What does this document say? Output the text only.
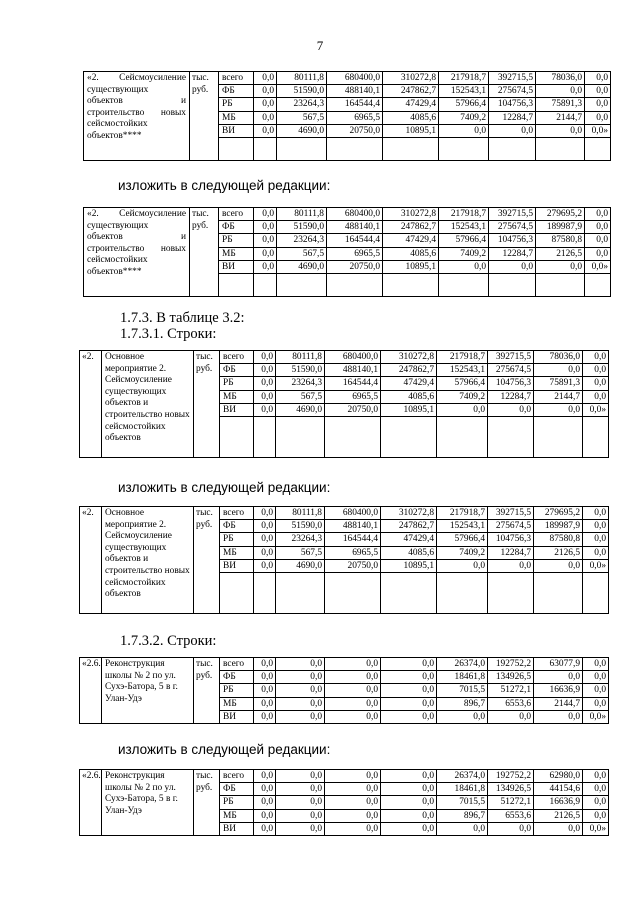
7
«2. Сейсмоусиление существующих объектов и строительство новых сейсмостойких объектов****	тыс. руб.	всего	0,0	80111,8	680400,0	310272,8	217918,7	392715,5	78036,0	0,0
		ФБ	0,0	51590,0	488140,1	247862,7	152543,1	275674,5	0,0	0,0
		РБ	0,0	23264,3	164544,4	47429,4	57966,4	104756,3	75891,3	0,0
		МБ	0,0	567,5	6965,5	4085,6	7409,2	12284,7	2144,7	0,0
		ВИ	0,0	4690,0	20750,0	10895,1	0,0	0,0	0,0	0,0»

изложить в следующей редакции:
«2. Сейсмоусиление существующих объектов и строительство новых сейсмостойких объектов****	тыс. руб.	всего	0,0	80111,8	680400,0	310272,8	217918,7	392715,5	279695,2	0,0
		ФБ	0,0	51590,0	488140,1	247862,7	152543,1	275674,5	189987,9	0,0
		РБ	0,0	23264,3	164544,4	47429,4	57966,4	104756,3	87580,8	0,0
		МБ	0,0	567,5	6965,5	4085,6	7409,2	12284,7	2126,5	0,0
		ВИ	0,0	4690,0	20750,0	10895,1	0,0	0,0	0,0	0,0»

1.7.3. В таблице 3.2:
1.7.3.1. Строки:
«2.	Основное мероприятие 2. Сейсмоусиление существующих объектов и строительство новых сейсмостойких объектов	тыс. руб.	всего	0,0	80111,8	680400,0	310272,8	217918,7	392715,5	78036,0	0,0
			ФБ	0,0	51590,0	488140,1	247862,7	152543,1	275674,5	0,0	0,0
			РБ	0,0	23264,3	164544,4	47429,4	57966,4	104756,3	75891,3	0,0
			МБ	0,0	567,5	6965,5	4085,6	7409,2	12284,7	2144,7	0,0
			ВИ	0,0	4690,0	20750,0	10895,1	0,0	0,0	0,0	0,0»

изложить в следующей редакции:
«2.	Основное мероприятие 2. Сейсмоусиление существующих объектов и строительство новых сейсмостойких объектов	тыс. руб.	всего	0,0	80111,8	680400,0	310272,8	217918,7	392715,5	279695,2	0,0
			ФБ	0,0	51590,0	488140,1	247862,7	152543,1	275674,5	189987,9	0,0
			РБ	0,0	23264,3	164544,4	47429,4	57966,4	104756,3	87580,8	0,0
			МБ	0,0	567,5	6965,5	4085,6	7409,2	12284,7	2126,5	0,0
			ВИ	0,0	4690,0	20750,0	10895,1	0,0	0,0	0,0	0,0»

1.7.3.2. Строки:
«2.6.	Реконструкция школы № 2 по ул. Сухэ-Батора, 5 в г. Улан-Удэ	тыс. руб.	всего	0,0	0,0	0,0	0,0	26374,0	192752,2	63077,9	0,0
			ФБ	0,0	0,0	0,0	0,0	18461,8	134926,5	0,0	0,0
			РБ	0,0	0,0	0,0	0,0	7015,5	51272,1	16636,9	0,0
			МБ	0,0	0,0	0,0	0,0	896,7	6553,6	2144,7	0,0
			ВИ	0,0	0,0	0,0	0,0	0,0	0,0	0,0	0,0»
изложить в следующей редакции:
«2.6.	Реконструкция школы № 2 по ул. Сухэ-Батора, 5 в г. Улан-Удэ	тыс. руб.	всего	0,0	0,0	0,0	0,0	26374,0	192752,2	62980,0	0,0
			ФБ	0,0	0,0	0,0	0,0	18461,8	134926,5	44154,6	0,0
			РБ	0,0	0,0	0,0	0,0	7015,5	51272,1	16636,9	0,0
			МБ	0,0	0,0	0,0	0,0	896,7	6553,6	2126,5	0,0
			ВИ	0,0	0,0	0,0	0,0	0,0	0,0	0,0	0,0»
